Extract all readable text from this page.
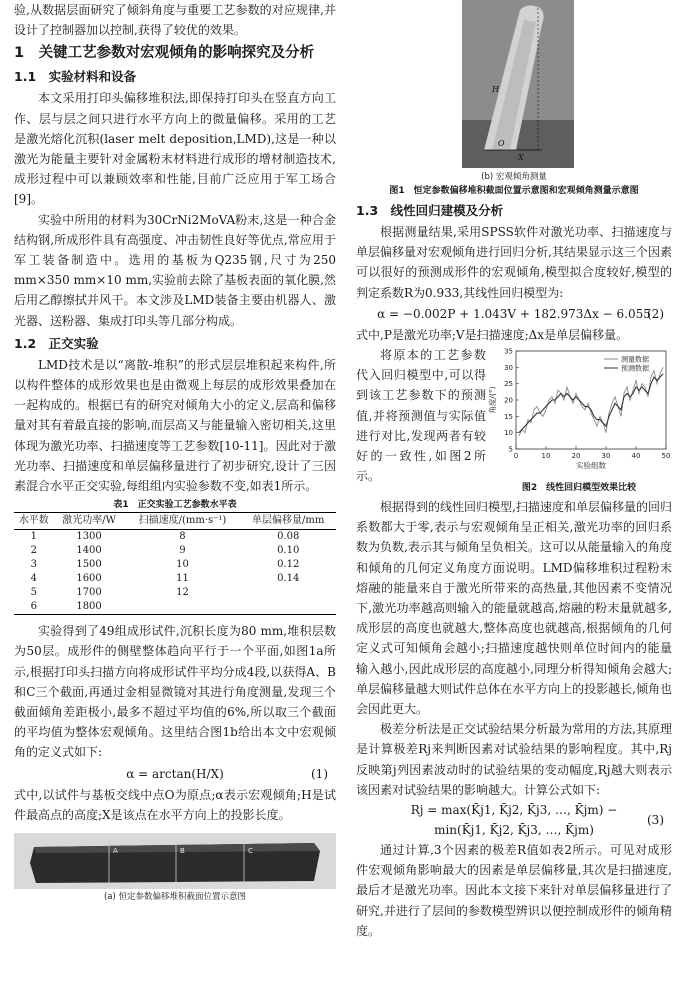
验,从数据层面研究了倾斜角度与重要工艺参数的对应规律,并设计了控制器加以控制,获得了较优的效果。

1　关键工艺参数对宏观倾角的影响探究及分析
1.1　实验材料和设备

本文采用打印头偏移堆积法,即保持打印头在竖直方向工作、层与层之间只进行水平方向上的微量偏移。采用的工艺是激光熔化沉积(laser melt deposition,LMD),这是一种以激光为能量主要针对金属粉末材料进行成形的增材制造技术,成形过程中可以兼顾效率和性能,目前广泛应用于军工场合[9]。

实验中所用的材料为30CrNi2MoVA粉末,这是一种合金结构钢,所成形件具有高强度、冲击韧性良好等优点,常应用于军工装备制造中。选用的基板为Q235钢,尺寸为250 mm×350 mm×10 mm,实验前去除了基板表面的氧化膜,然后用乙醇擦拭并风干。本文涉及LMD装备主要由机器人、激光器、送粉器、集成打印头等几部分构成。

1.2　正交实验

LMD技术是以“离散-堆积”的形式层层堆积起来构件,所以构件整体的成形效果也是由微观上每层的成形效果叠加在一起构成的。根据已有的研究对倾角大小的定义,层高和偏移量对其有着最直接的影响,而层高又与能量输入密切相关,这里体现为激光功率、扫描速度等工艺参数[10-11]。因此对于激光功率、扫描速度和单层偏移量进行了初步研究,设计了三因素混合水平正交实验,每组组内实验参数不变,如表1所示。

表1　正交实验工艺参数水平表
水平数	激光功率/W	扫描速度/(mm·s⁻¹)	单层偏移量/mm
1	1300	8	0.08
2	1400	9	0.10
3	1500	10	0.12
4	1600	11	0.14
5	1700	12	
6	1800		

实验得到了49组成形试件,沉积长度为80 mm,堆积层数为50层。成形件的侧壁整体趋向平行于一个平面,如图1a所示,根据打印头扫描方向将成形试件平均分成4段,以获得A、B和C三个截面,再通过金相显微镜对其进行角度测量,发现三个截面倾角差距极小,最多不超过平均值的6%,所以取三个截面的平均值为整体宏观倾角。这里结合图1b给出本文中宏观倾角的定义式如下:

α = arctan(H/X)	(1)

式中,以试件与基板交线中点O为原点;α表示宏观倾角;H是试件最高点的高度;X是该点在水平方向上的投影长度。

A	B	C
(a) 恒定参数偏移堆积截面位置示意图
H
X
O
(b) 宏观倾角测量
图1　恒定参数偏移堆积截面位置示意图和宏观倾角测量示意图
1.3　线性回归建模及分析

根据测量结果,采用SPSS软件对激光功率、扫描速度与单层偏移量对宏观倾角进行回归分析,其结果显示这三个因素可以很好的预测成形件的宏观倾角,模型拟合度较好,模型的判定系数R为0.933,其线性回归模型为:

α = −0.002P + 1.043V + 182.973Δx − 6.055
(2)

式中,P是激光功率;V是扫描速度;Δx是单层偏移量。

将原本的工艺参数代入回归模型中,可以得到该工艺参数下的预测值,并将预测值与实际值进行对比,发现两者有较好的一致性,如图2所示。

0	10	20	30	40	50
5
10
15
20
25
30
35
实验组数
角度/(°)
测量数据
预测数据
图2　线性回归模型效果比较

根据得到的线性回归模型,扫描速度和单层偏移量的回归系数都大于零,表示与宏观倾角呈正相关,激光功率的回归系数为负数,表示其与倾角呈负相关。这可以从能量输入的角度和倾角的几何定义角度方面说明。LMD偏移堆积过程粉末熔融的能量来自于激光所带来的高热量,其他因素不变情况下,激光功率越高则输入的能量就越高,熔融的粉末量就越多,成形层的高度也就越大,整体高度也就越高,根据倾角的几何定义式可知倾角会越小;扫描速度越快则单位时间内的能量输入越小,因此成形层的高度越小,同理分析得知倾角会越大;单层偏移量越大则试件总体在水平方向上的投影越长,倾角也会因此更大。

极差分析法是正交试验结果分析最为常用的方法,其原理是计算极差Rj来判断因素对试验结果的影响程度。其中,Rj反映第j列因素波动时的试验结果的变动幅度,Rj越大则表示该因素对试验结果的影响越大。计算公式如下:

Rj = max(K̄j1, K̄j2, K̄j3, …, K̄jm) −
min(K̄j1, K̄j2, K̄j3, …, K̄jm)
(3)

通过计算,3个因素的极差R值如表2所示。可见对成形件宏观倾角影响最大的因素是单层偏移量,其次是扫描速度,最后才是激光功率。因此本文接下来针对单层偏移量进行了研究,并进行了层间的参数模型辨识以便控制成形件的倾角精度。
